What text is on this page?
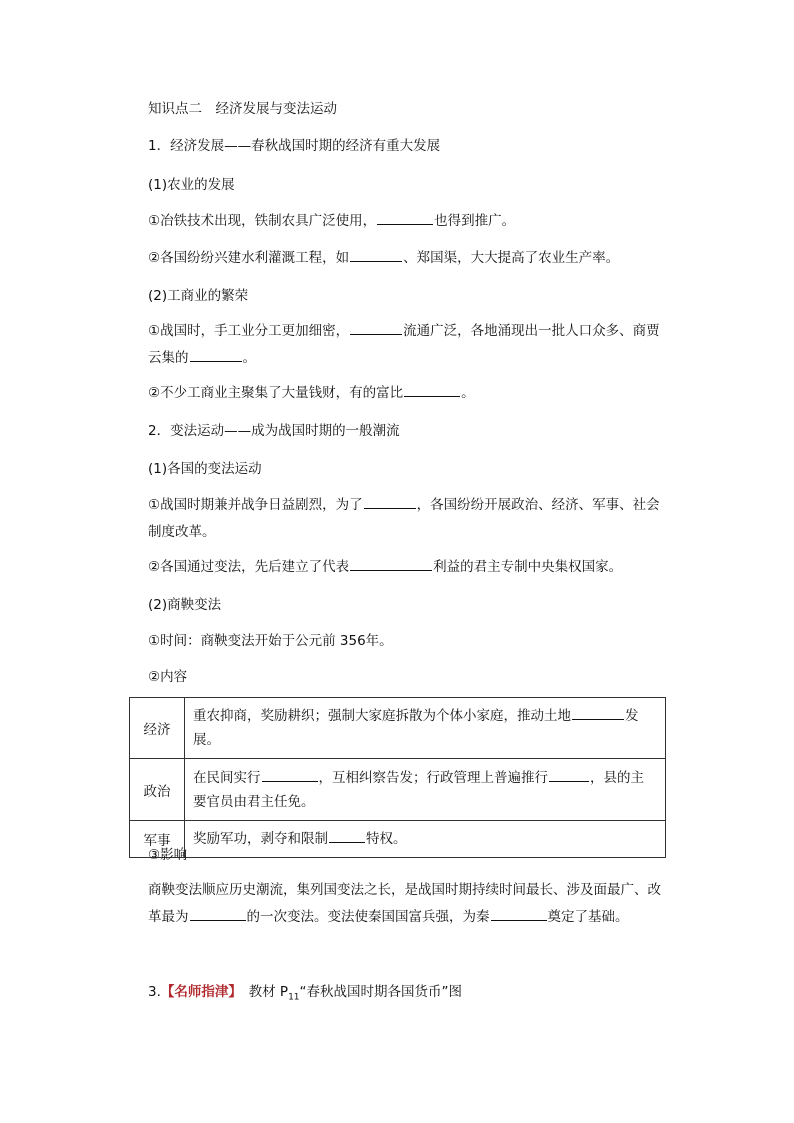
知识点二　经济发展与变法运动
1．经济发展——春秋战国时期的经济有重大发展
(1)农业的发展
①冶铁技术出现，铁制农具广泛使用，	也得到推广。
②各国纷纷兴建水利灌溉工程，如	、郑国渠，大大提高了农业生产率。
(2)工商业的繁荣
①战国时，手工业分工更加细密，	流通广泛，各地涌现出一批人口众多、商贾
云集的	。
②不少工商业主聚集了大量钱财，有的富比	。
2．变法运动——成为战国时期的一般潮流
(1)各国的变法运动
①战国时期兼并战争日益剧烈，为了	，各国纷纷开展政治、经济、军事、社会
制度改革。
②各国通过变法，先后建立了代表	利益的君主专制中央集权国家。
(2)商鞅变法
①时间：商鞅变法开始于公元前 356年。
②内容
经济	重农抑商，奖励耕织；强制大家庭拆散为个体小家庭，推动土地 发展。
政治	在民间实行 ，互相纠察告发；行政管理上普遍推行 ，县的主要官员由君主任免。
军事	奖励军功，剥夺和限制 特权。
③影响
商鞅变法顺应历史潮流，集列国变法之长，是战国时期持续时间最长、涉及面最广、改
革最为	的一次变法。变法使秦国国富兵强，为秦	奠定了基础。
3.【名师指津】　教材 $P_{11}“$春秋战国时期各国货币”图
